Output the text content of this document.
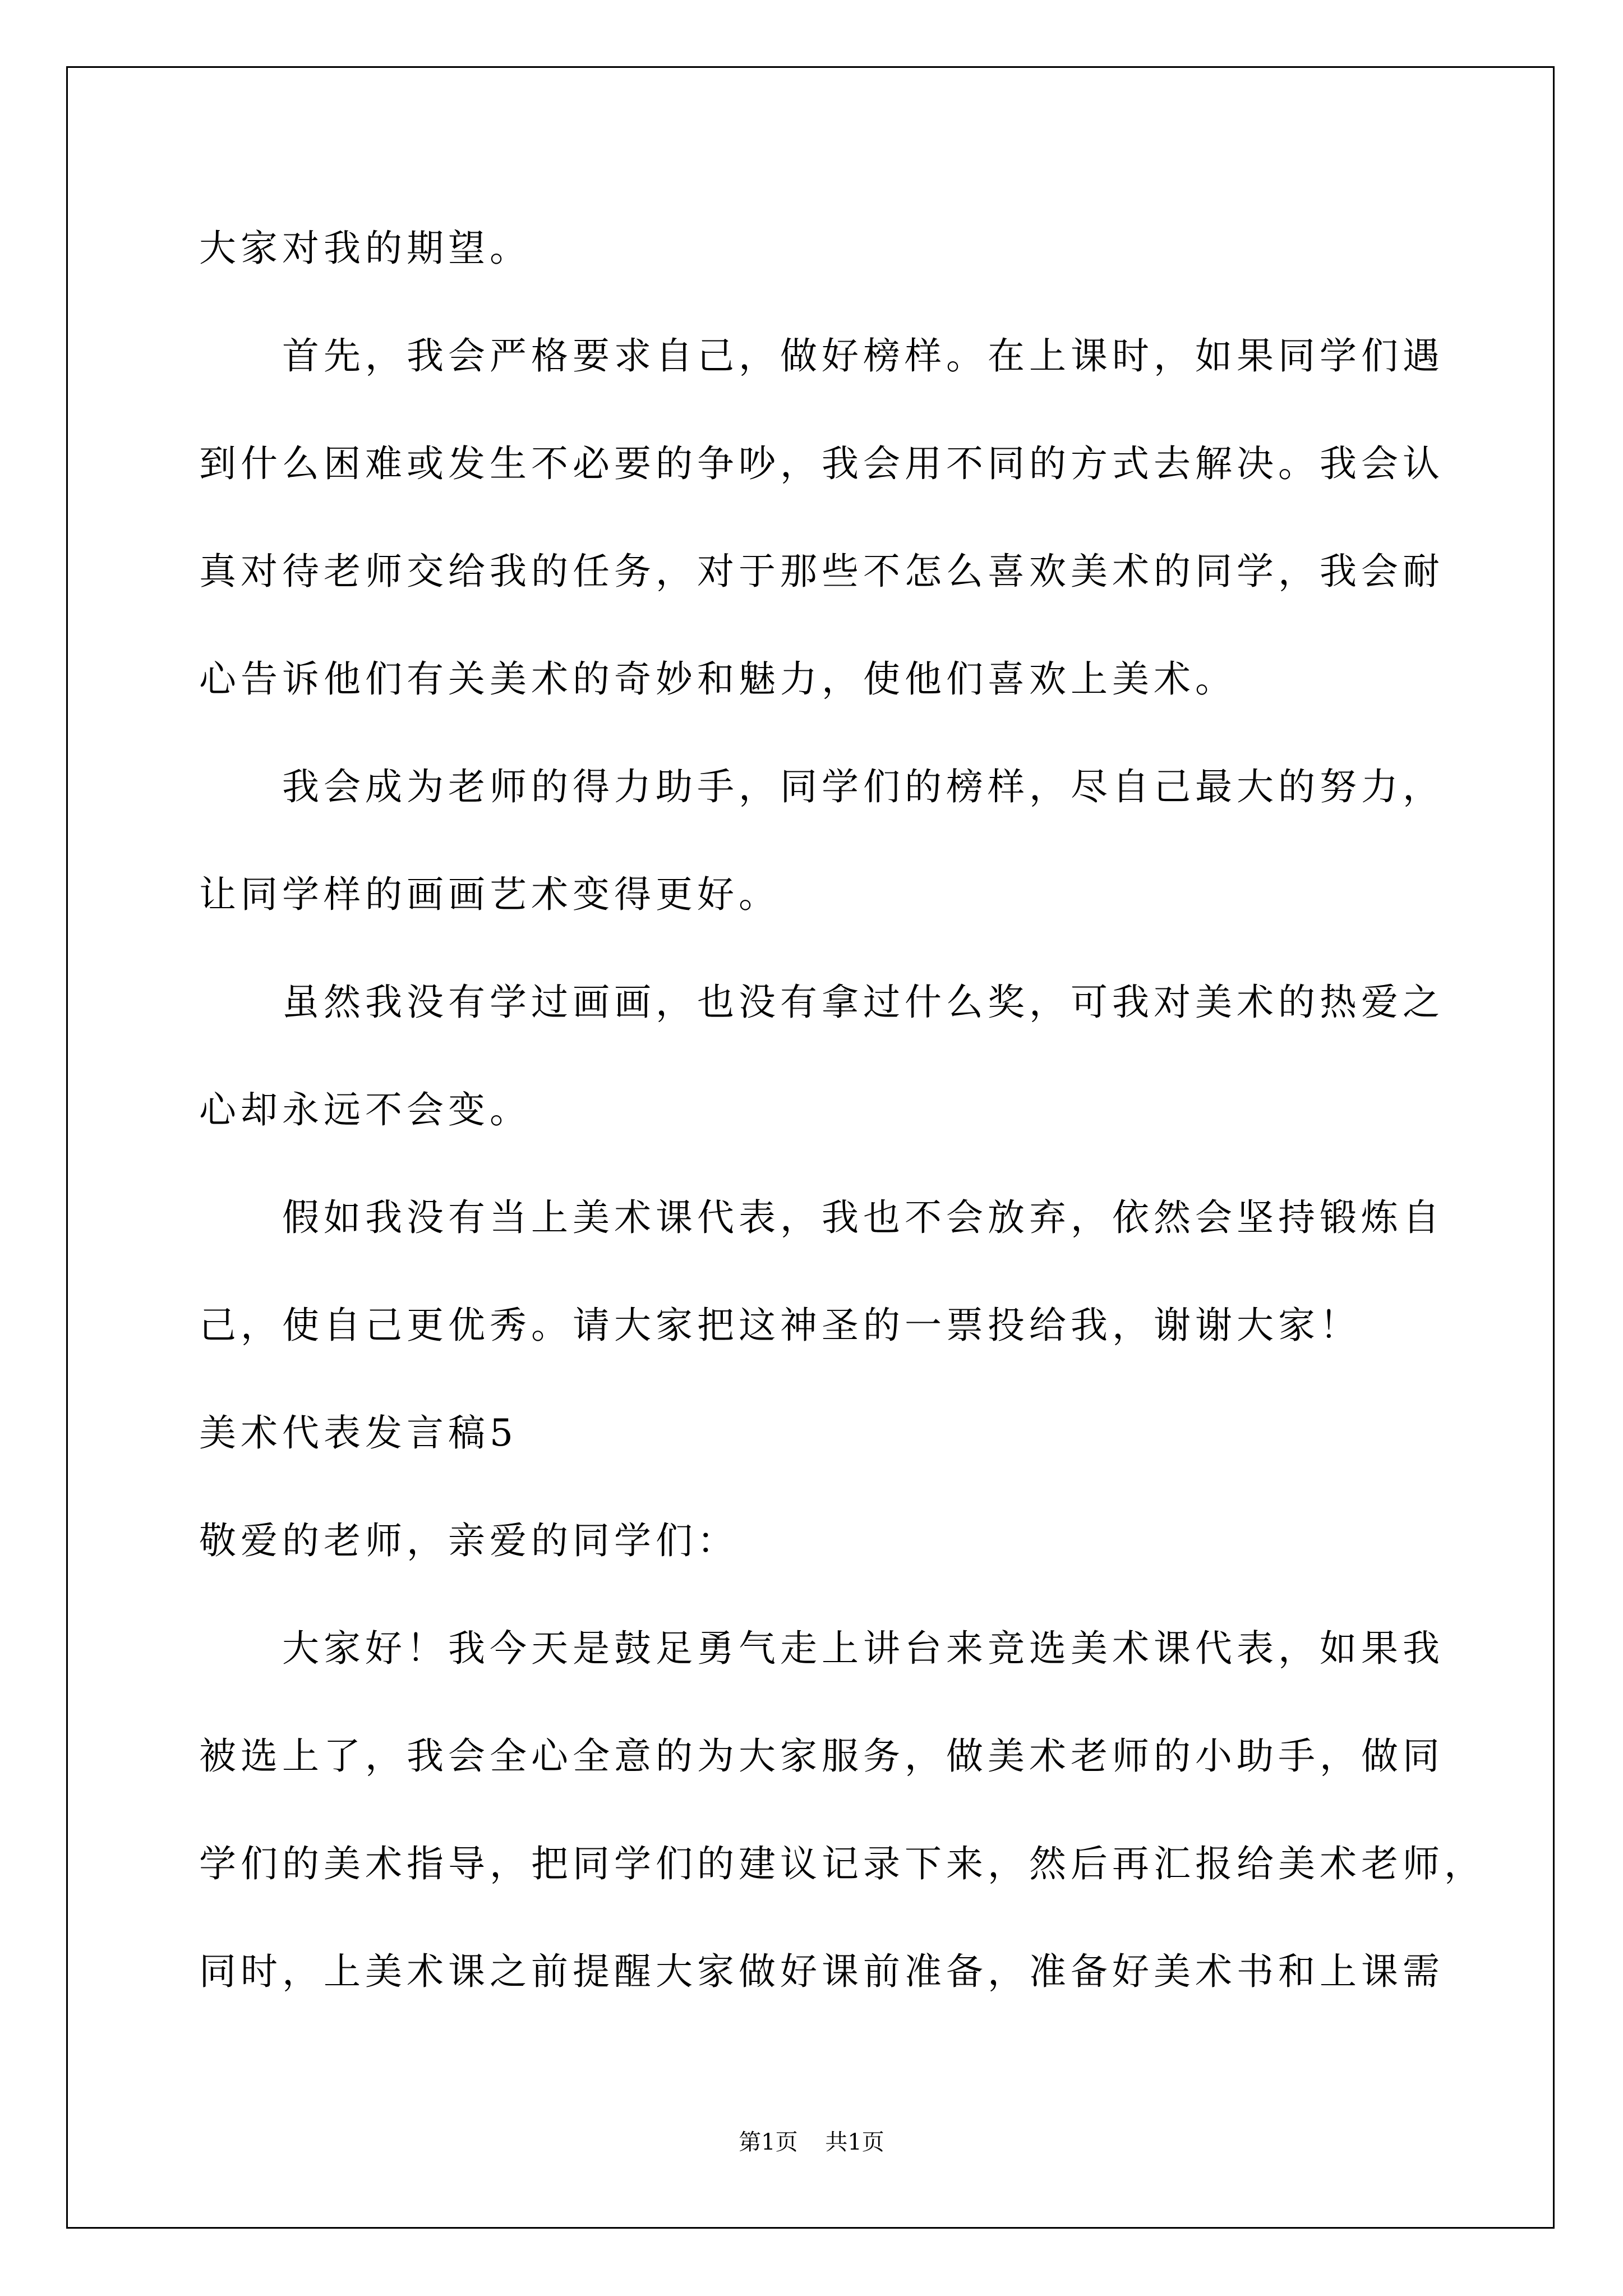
大家对我的期望。
首先，我会严格要求自己，做好榜样。在上课时，如果同学们遇
到什么困难或发生不必要的争吵，我会用不同的方式去解决。我会认
真对待老师交给我的任务，对于那些不怎么喜欢美术的同学，我会耐
心告诉他们有关美术的奇妙和魅力，使他们喜欢上美术。
我会成为老师的得力助手，同学们的榜样，尽自己最大的努力，
让同学样的画画艺术变得更好。
虽然我没有学过画画，也没有拿过什么奖，可我对美术的热爱之
心却永远不会变。
假如我没有当上美术课代表，我也不会放弃，依然会坚持锻炼自
己，使自己更优秀。请大家把这神圣的一票投给我，谢谢大家！
美术代表发言稿5
敬爱的老师，亲爱的同学们：
大家好！我今天是鼓足勇气走上讲台来竞选美术课代表，如果我
被选上了，我会全心全意的为大家服务，做美术老师的小助手，做同
学们的美术指导，把同学们的建议记录下来，然后再汇报给美术老师，
同时，上美术课之前提醒大家做好课前准备，准备好美术书和上课需
第1页 共1页
